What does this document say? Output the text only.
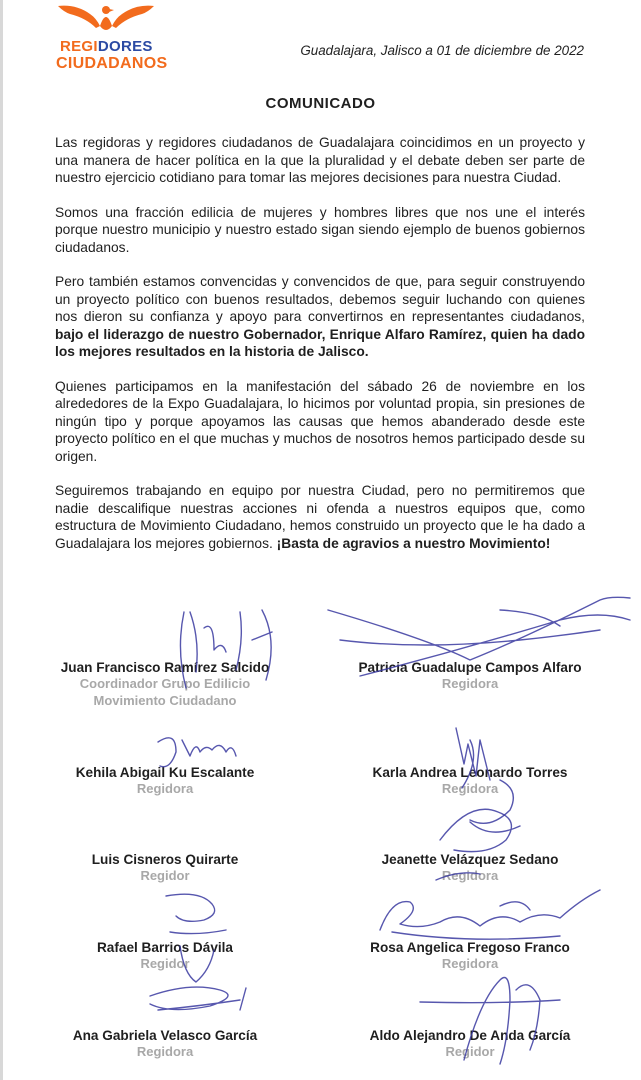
REGIDORES
CIUDADANOS
Guadalajara, Jalisco a 01 de diciembre de 2022
COMUNICADO

Las regidoras y regidores ciudadanos de Guadalajara coincidimos en un proyecto y una manera de hacer política en la que la pluralidad y el debate deben ser parte de nuestro ejercicio cotidiano para tomar las mejores decisiones para nuestra Ciudad.

Somos una fracción edilicia de mujeres y hombres libres que nos une el interés porque nuestro municipio y nuestro estado sigan siendo ejemplo de buenos gobiernos ciudadanos.

Pero también estamos convencidas y convencidos de que, para seguir construyendo un proyecto político con buenos resultados, debemos seguir luchando con quienes nos dieron su confianza y apoyo para convertirnos en representantes ciudadanos, bajo el liderazgo de nuestro Gobernador, Enrique Alfaro Ramírez, quien ha dado los mejores resultados en la historia de Jalisco.

Quienes participamos en la manifestación del sábado 26 de noviembre en los alrededores de la Expo Guadalajara, lo hicimos por voluntad propia, sin presiones de ningún tipo y porque apoyamos las causas que hemos abanderado desde este proyecto político en el que muchas y muchos de nosotros hemos participado desde su origen.

Seguiremos trabajando en equipo por nuestra Ciudad, pero no permitiremos que nadie descalifique nuestras acciones ni ofenda a nuestros equipos que, como estructura de Movimiento Ciudadano, hemos construido un proyecto que le ha dado a Guadalajara los mejores gobiernos. ¡Basta de agravios a nuestro Movimiento!

Juan Francisco Ramírez Salcido
Coordinador Grupo Edilicio
Movimiento Ciudadano
Patricia Guadalupe Campos Alfaro
Regidora
Kehila Abigail Ku Escalante
Regidora
Karla Andrea Leonardo Torres
Regidora
Luis Cisneros Quirarte
Regidor
Jeanette Velázquez Sedano
Regidora
Rafael Barrios Dávila
Regidor
Rosa Angelica Fregoso Franco
Regidora
Ana Gabriela Velasco García
Regidora
Aldo Alejandro De Anda García
Regidor
